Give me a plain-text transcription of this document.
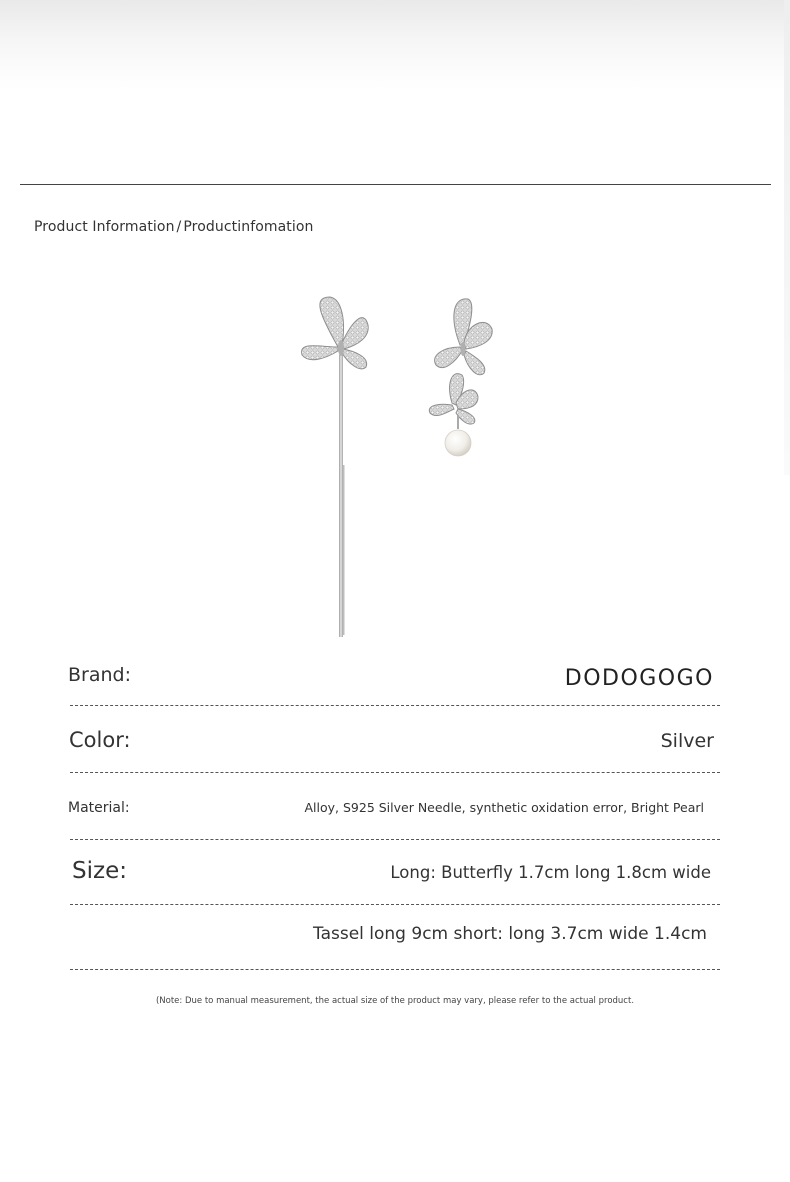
Product Information / Productinfomation
Brand:	DODOGOGO
Color:	Silver
Material:	Alloy, S925 Silver Needle, synthetic oxidation error, Bright Pearl
Size:	Long: Butterfly 1.7cm long 1.8cm wide
Tassel long 9cm short: long 3.7cm wide 1.4cm
(Note: Due to manual measurement, the actual size of the product may vary, please refer to the actual product.
